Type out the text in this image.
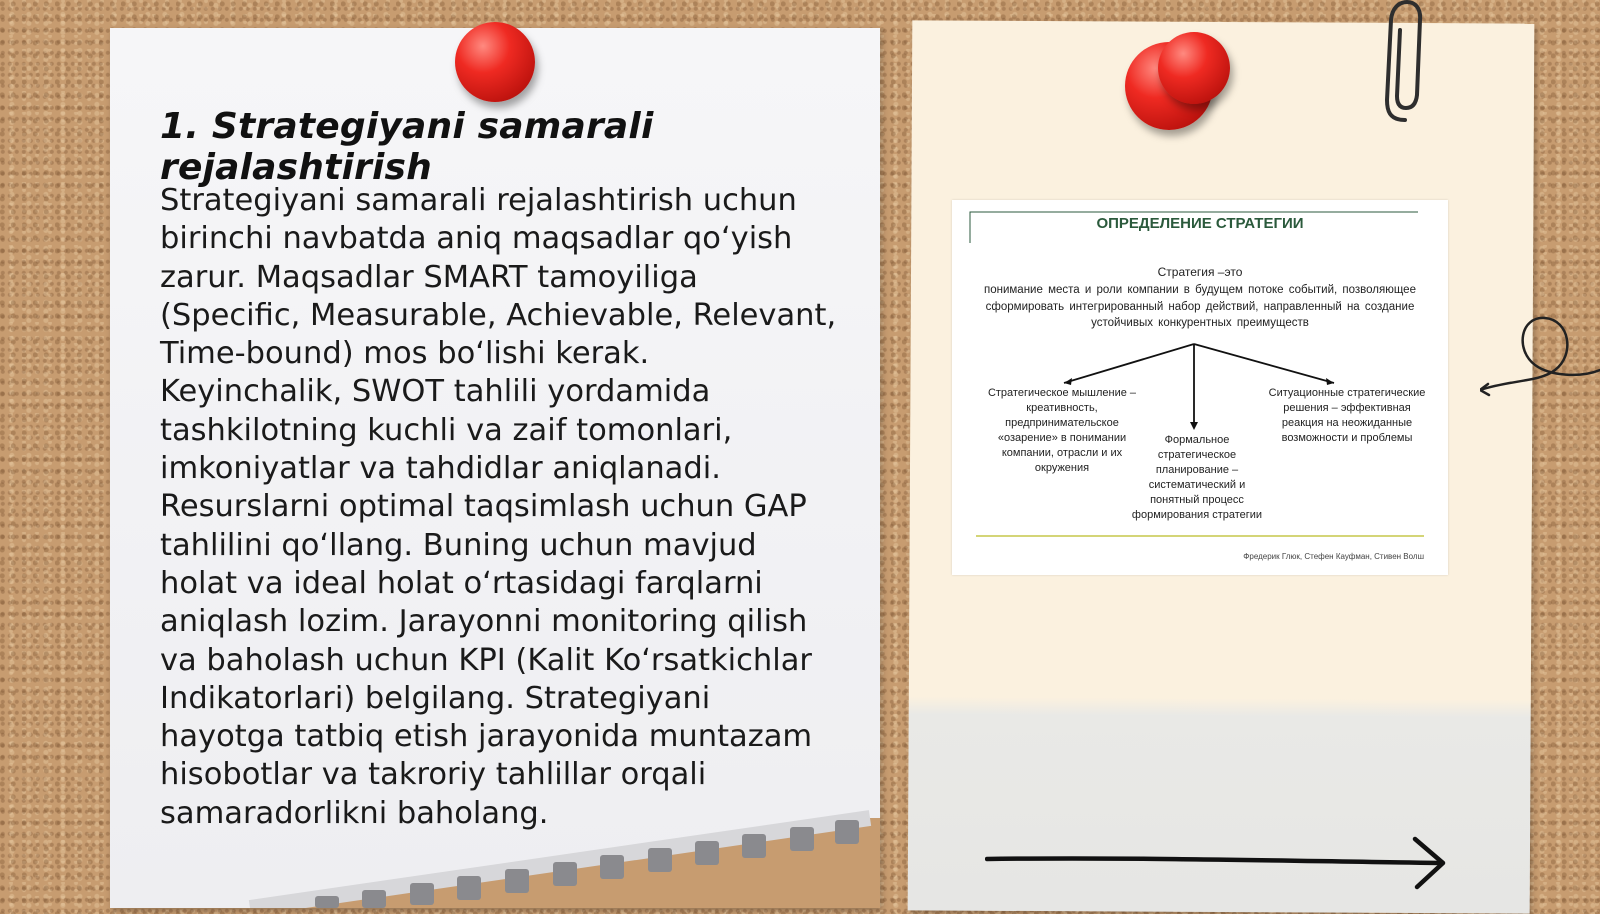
1. Strategiyani samarali rejalashtirish

Strategiyani samarali rejalashtirish uchun birinchi navbatda aniq maqsadlar qo‘yish zarur. Maqsadlar SMART tamoyiliga (Specific, Measurable, Achievable, Relevant, Time-bound) mos bo‘lishi kerak. Keyinchalik, SWOT tahlili yordamida tashkilotning kuchli va zaif tomonlari, imkoniyatlar va tahdidlar aniqlanadi. Resurslarni optimal taqsimlash uchun GAP tahlilini qo‘llang. Buning uchun mavjud holat va ideal holat o‘rtasidagi farqlarni aniqlash lozim. Jarayonni monitoring qilish va baholash uchun KPI (Kalit Ko‘rsatkichlar Indikatorlari) belgilang. Strategiyani hayotga tatbiq etish jarayonida muntazam hisobotlar va takroriy tahlillar orqali samaradorlikni baholang.

ОПРЕДЕЛЕНИЕ СТРАТЕГИИ
Стратегия –это
понимание места и роли компании в будущем потоке событий, позволяющее сформировать интегрированный набор действий, направленный на создание устойчивых конкурентных преимуществ
Стратегическое мышление – креативность, предпринимательское «озарение» в понимании компании, отрасли и их окружения
Формальное стратегическое планирование – систематический и понятный процесс формирования стратегии
Ситуационные стратегические решения – эффективная реакция на неожиданные возможности и проблемы
Фредерик Глюк, Стефен Кауфман, Стивен Волш
